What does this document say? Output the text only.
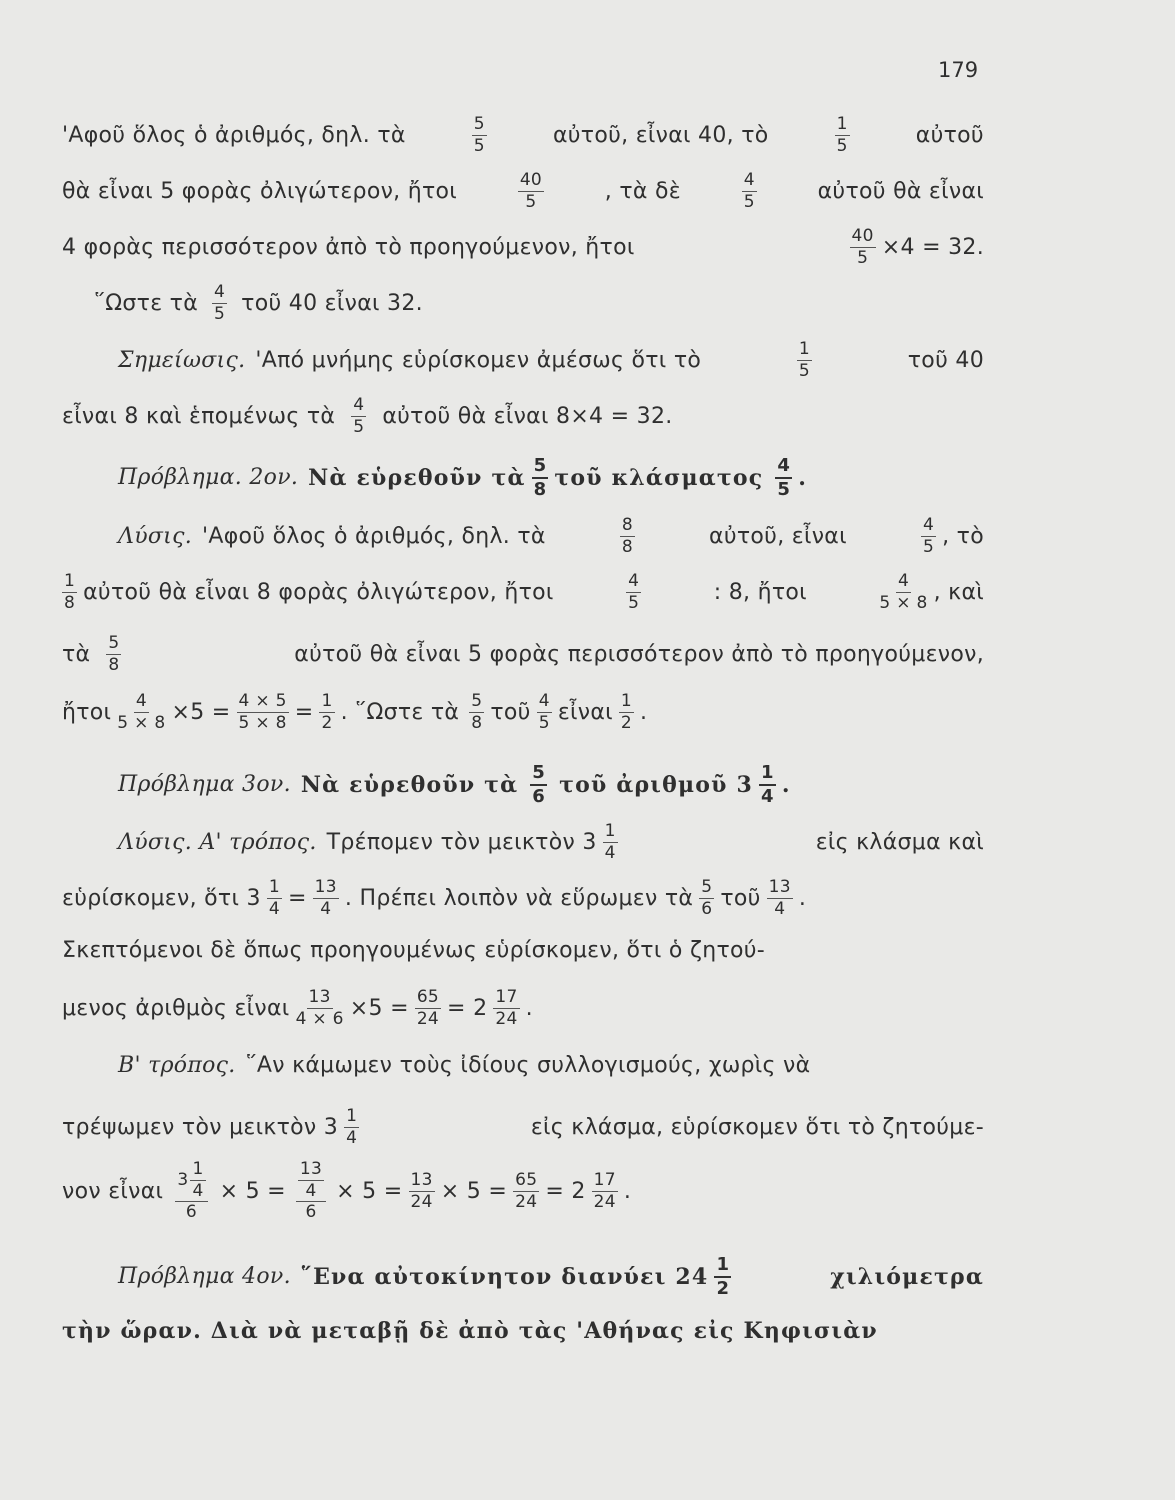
179
'Αφοῦ ὅλος ὁ ἀριθμός, δηλ. τὰ	5
5	αὐτοῦ, εἶναι 40, τὸ	1
5	αὐτοῦ
θὰ εἶναι 5 φορὰς ὀλιγώτερον, ἤτοι	40
5	, τὰ δὲ	4
5	αὐτοῦ θὰ εἶναι
4 φορὰς περισσότερον ἀπὸ τὸ προηγούμενον, ἤτοι	$\frac{40}{5} \times 4 = 32$.
῞Ωστε τὰ 4
5 τοῦ 40 εἶναι 32.
Σημείωσις. 'Από μνήμης εὑρίσκομεν ἀμέσως ὅτι τὸ	1
5	τοῦ 40
εἶναι 8 καὶ ἑπομένως τὰ 4
5 αὐτοῦ θὰ εἶναι 8×4 = 32.
Πρόβλημα. 2ον. Νὰ εὑρεθοῦν τὰ 5
8 τοῦ κλάσματος 4
5 .
Λύσις. 'Αφοῦ ὅλος ὁ ἀριθμός, δηλ. τὰ	8
8	αὐτοῦ, εἶναι	4
5 , τὸ
1
8 αὐτοῦ θὰ εἶναι 8 φορὰς ὀλιγώτερον, ἤτοι	4
5	: 8, ἤτοι	4
5 × 8 , καὶ
τὰ 5
8	αὐτοῦ θὰ εἶναι 5 φορὰς περισσότερον ἀπὸ τὸ προηγούμενον,
ἤτοι $\frac{4}{5 \times 8} \times 5 = \frac{4 \times 5}{5 \times 8} = \frac{1}{2}$ . ῞Ωστε τὰ 5
8 τοῦ 4
5 εἶναι 1
2 .
Πρόβλημα 3ον. Νὰ εὑρεθοῦν τὰ 5
6 τοῦ ἀριθμοῦ 3 1
4 .
Λύσις. Α' τρόπος. Τρέπομεν τὸν μεικτὸν 3 1
4	εἰς κλάσμα καὶ
εὑρίσκομεν, ὅτι $3 \frac{1}{4} = \frac{13}{4}$ . Πρέπει λοιπὸν νὰ εὕρωμεν τὰ 5
6 τοῦ 13
4 .
Σκεπτόμενοι δὲ ὅπως προηγουμένως εὑρίσκομεν, ὅτι ὁ ζητού-
μενος ἀριθμὸς εἶναι $\frac{13}{4 \times 6} \times 5 = \frac{65}{24} = 2$ 17
24 .
Β' τρόπος. ῞Αν κάμωμεν τοὺς ἰδίους συλλογισμούς, χωρὶς νὰ
τρέψωμεν τὸν μεικτὸν 3 1
4	εἰς κλάσμα, εὑρίσκομεν ὅτι τὸ ζητούμε-
νον εἶναι 3
1
4
6 × 5 = 13
4
$6 \times 5 = \frac{13}{24} \times 5 = \frac{65}{24} = 2$ 17
24 .
Πρόβλημα 4ον. ῞Ενα αὐτοκίνητον διανύει 24 1
2	χιλιόμετρα
τὴν ὥραν. Διὰ νὰ μεταβῇ δὲ ἀπὸ τὰς 'Αθήνας εἰς Κηφισιὰν
